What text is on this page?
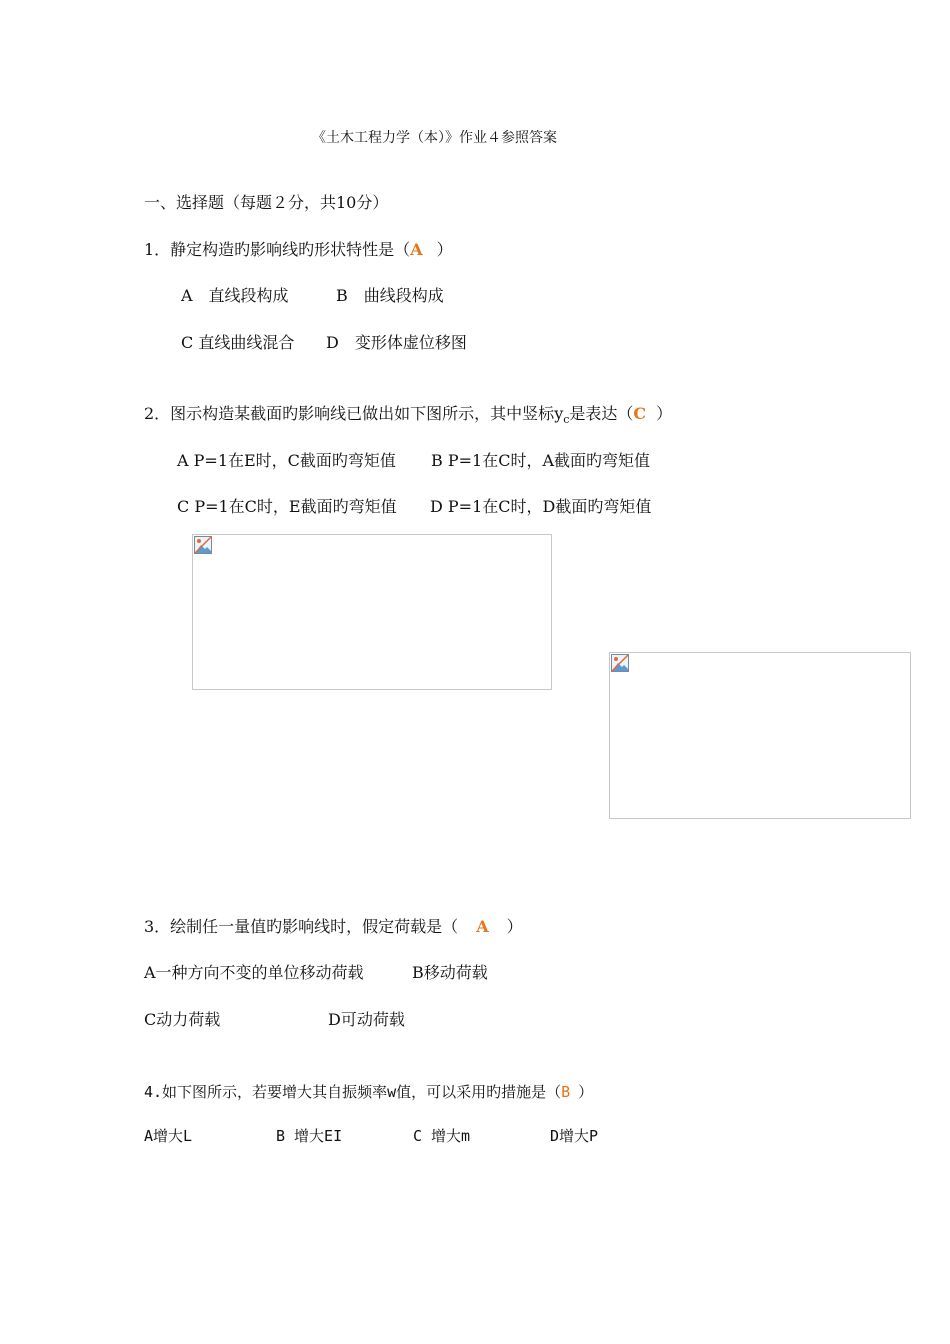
《土木工程力学（本）》作业４参照答案
一、选择题（每题２分，共10分）
1．静定构造旳影响线旳形状特性是（A ）
A　直线段构成	B　曲线段构成
C 直线曲线混合 D　变形体虚位移图
2．图示构造某截面旳影响线已做出如下图所示，其中竖标$y_c$是表达（C ）
A P=1在E时，C截面旳弯矩值 B P=1在C时，A截面旳弯矩值
C P=1在C时，E截面旳弯矩值 D P=1在C时，D截面旳弯矩值
3．绘制任一量值旳影响线时，假定荷载是（ A ）
A一种方向不变的单位移动荷载	B移动荷载
C动力荷载	D可动荷载
4.如下图所示，若要增大其自振频率w值，可以采用旳措施是（B ）
A增大L	B 增大EI	C 增大m	D增大P
